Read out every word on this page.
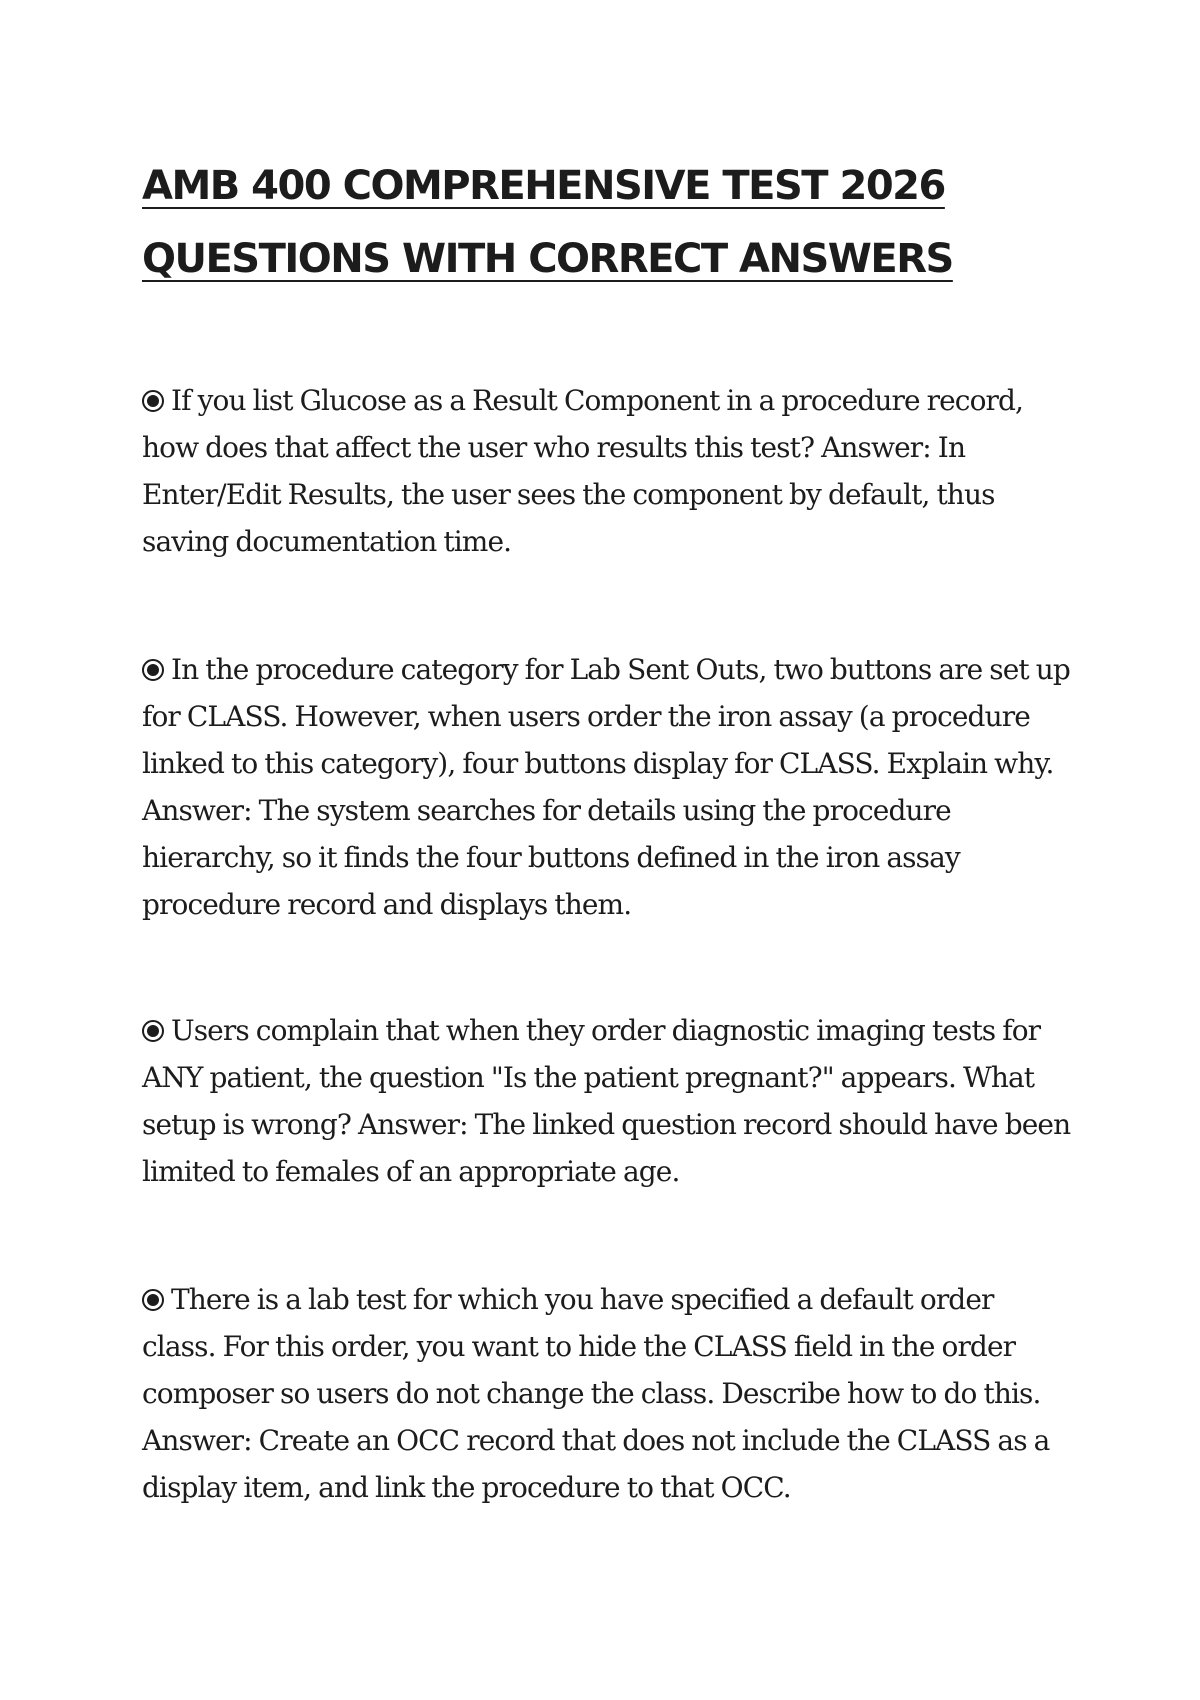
AMB 400 COMPREHENSIVE TEST 2026
QUESTIONS WITH CORRECT ANSWERS

If you list Glucose as a Result Component in a procedure record, how does that affect the user who results this test? Answer: In Enter/Edit Results, the user sees the component by default, thus saving documentation time.

In the procedure category for Lab Sent Outs, two buttons are set up for CLASS. However, when users order the iron assay (a procedure linked to this category), four buttons display for CLASS. Explain why. Answer: The system searches for details using the procedure hierarchy, so it finds the four buttons defined in the iron assay procedure record and displays them.

Users complain that when they order diagnostic imaging tests for ANY patient, the question "Is the patient pregnant?" appears. What setup is wrong? Answer: The linked question record should have been limited to females of an appropriate age.

There is a lab test for which you have specified a default order class. For this order, you want to hide the CLASS field in the order composer so users do not change the class. Describe how to do this. Answer: Create an OCC record that does not include the CLASS as a display item, and link the procedure to that OCC.
